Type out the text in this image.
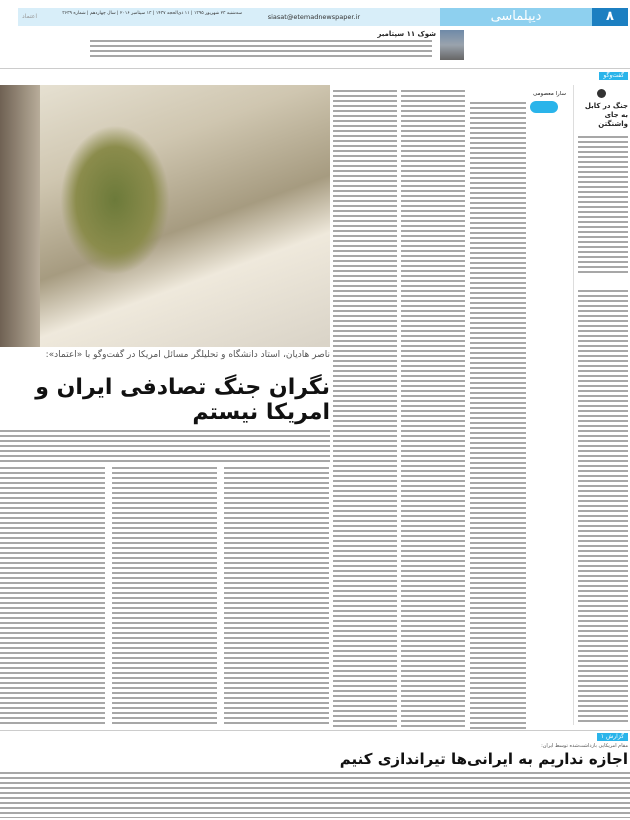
۸
دیپلماسی
siasat@etemadnewspaper.ir
سه‌شنبه ۲۳ شهریور ۱۳۹۵ | ۱۱ ذی‌الحجه ۱۴۳۷ | ۱۳ سپتامبر ۲۰۱۶ | سال چهاردهم | شماره ۳۶۳۹
اعتماد
شوک ۱۱ سپتامبر
گفت‌وگو
جنگ در کابل به جای واشنگتن
سارا معصومی
ناصر هادیان، استاد دانشگاه و تحلیلگر مسائل امریکا در گفت‌وگو با «اعتماد»:
نگران جنگ تصادفی ایران و امریکا نیستم
گزارش ۱
مقام امریکایی بازداشت‌شده توسط ایران:
اجازه نداریم به ایرانی‌ها تیراندازی کنیم
